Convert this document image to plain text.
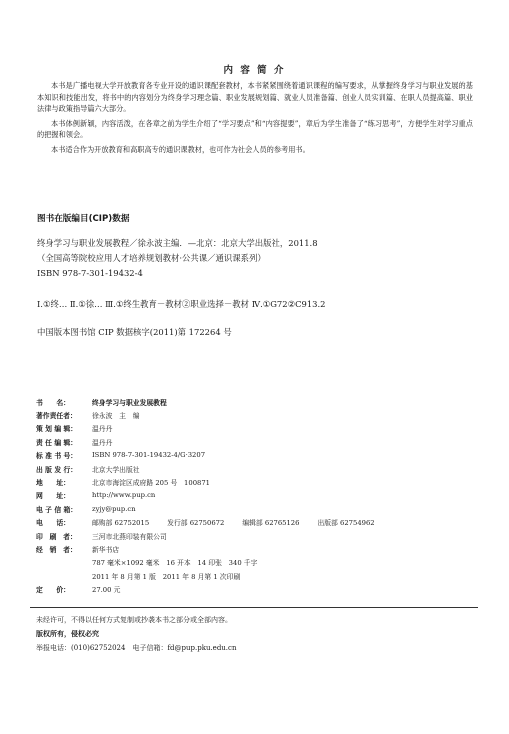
内 容 简 介

本书是广播电视大学开放教育各专业开设的通识课配套教材，本书紧紧围绕着通识课程的编写要求，从掌握终身学习与职业发展的基本知识和技能出发，将书中的内容划分为终身学习理念篇、职业发展规划篇、就业人员准备篇、创业人员实训篇、在职人员提高篇、职业法律与政策指导篇六大部分。

本书体例新颖，内容活泼，在各章之前为学生介绍了“学习要点”和“内容提要”，章后为学生准备了“练习思考”，方便学生对学习重点的把握和领会。

本书适合作为开放教育和高职高专的通识课教材，也可作为社会人员的参考用书。

图书在版编目(CIP)数据
终身学习与职业发展教程／徐永波主编．—北京：北京大学出版社，2011.8
（全国高等院校应用人才培养规划教材·公共课／通识课系列）
ISBN 978-7-301-19432-4
Ⅰ.①终… Ⅱ.①徐… Ⅲ.①终生教育－教材②职业选择－教材 Ⅳ.①G72②C913.2
中国版本图书馆 CIP 数据核字(2011)第 172264 号
书　　名：	终身学习与职业发展教程
著作责任者：	徐永波　主　编
策 划 编 辑：	温丹丹
责 任 编 辑：	温丹丹
标 准 书 号：	ISBN 978-7-301-19432-4/G·3207
出 版 发 行：	北京大学出版社
地　　址：	北京市海淀区成府路 205 号　100871
网　　址：	http://www.pup.cn
电 子 信 箱：	zyjy@pup.cn
电　　话：	邮购部 62752015 发行部 62750672 编辑部 62765126 出版部 62754962
印　刷　者：	三河市北燕印装有限公司
经　销　者：	新华书店
	787 毫米×1092 毫米　16 开本　14 印张　340 千字
	2011 年 8 月第 1 版　2011 年 8 月第 1 次印刷
定　　价：	27.00 元
未经许可，不得以任何方式复制或抄袭本书之部分或全部内容。
版权所有，侵权必究
举报电话：(010)62752024　电子信箱：fd@pup.pku.edu.cn
